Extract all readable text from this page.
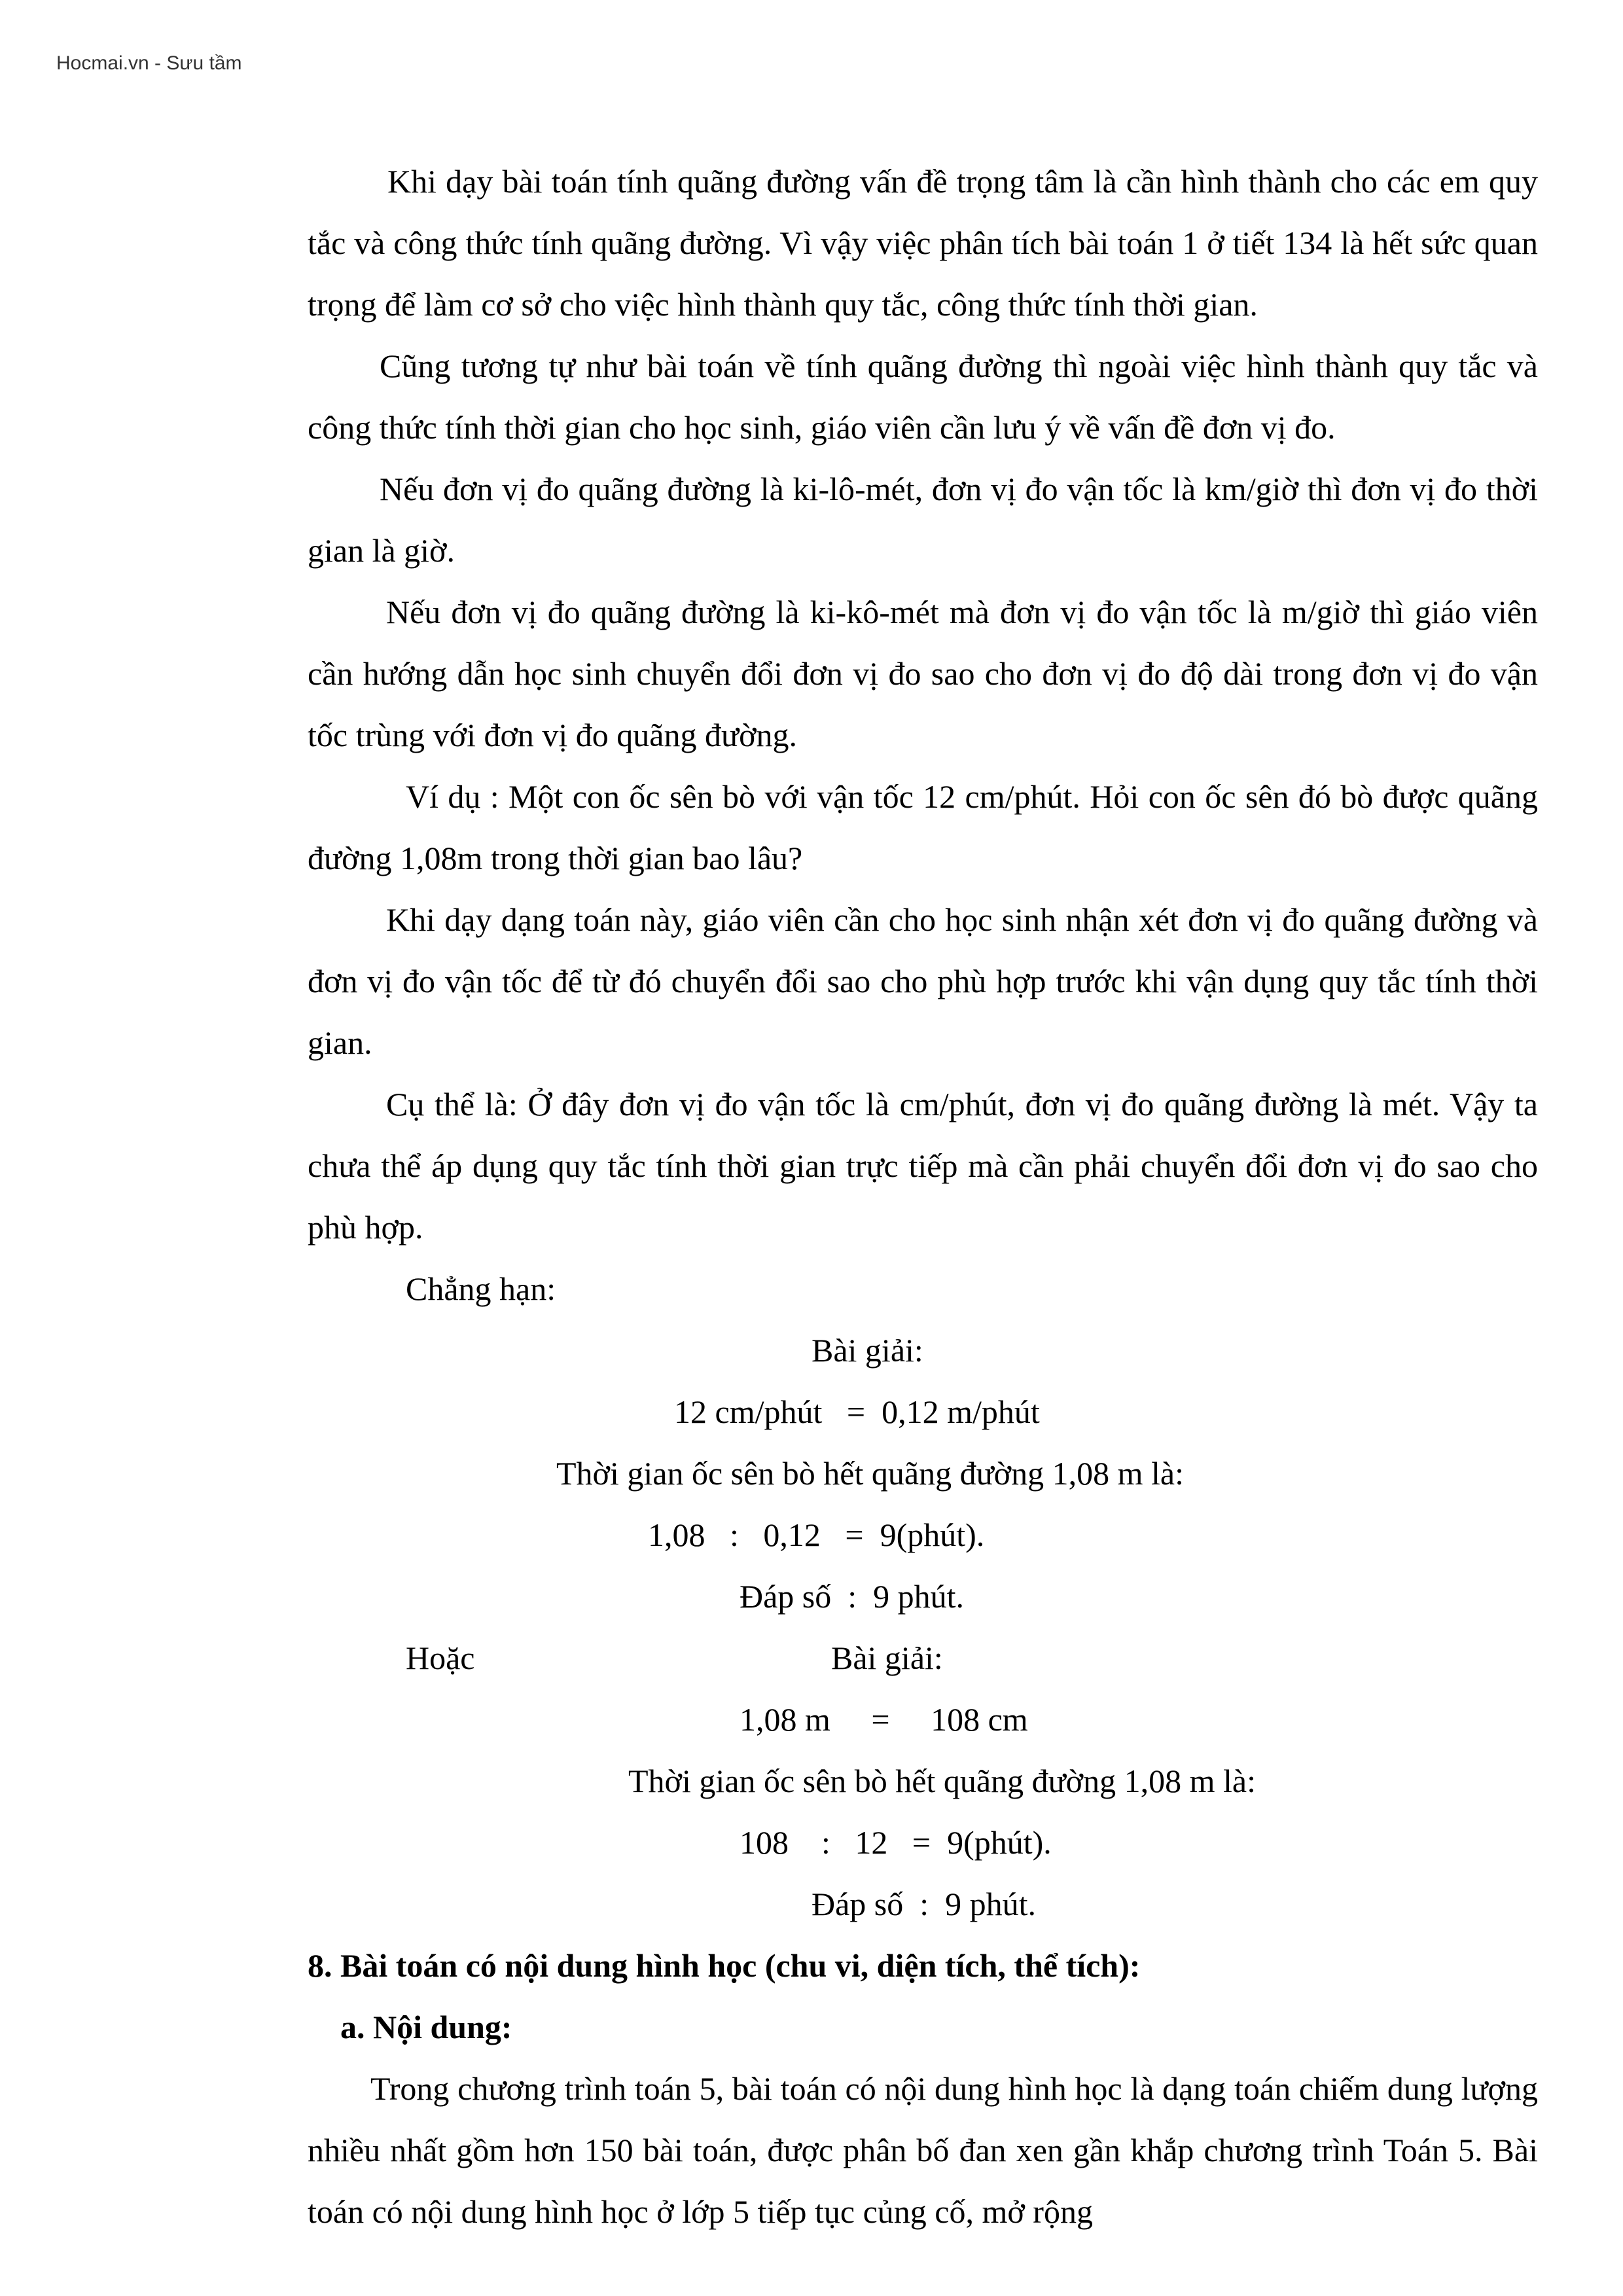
Hocmai.vn - Sưu tầm

Khi dạy bài toán tính quãng đường vấn đề trọng tâm là cần hình thành cho các em quy tắc và công thức tính quãng đường. Vì vậy việc phân tích bài toán 1 ở tiết 134 là hết sức quan trọng để làm cơ sở cho việc hình thành quy tắc, công thức tính thời gian.

Cũng tương tự như bài toán về tính quãng đường thì ngoài việc hình thành quy tắc và công thức tính thời gian cho học sinh, giáo viên cần lưu ý về vấn đề đơn vị đo.

Nếu đơn vị đo quãng đường là ki-lô-mét, đơn vị đo vận tốc là km/giờ thì đơn vị đo thời gian là giờ.

Nếu đơn vị đo quãng đường là ki-kô-mét mà đơn vị đo vận tốc là m/giờ thì giáo viên cần hướng dẫn học sinh chuyển đổi đơn vị đo sao cho đơn vị đo độ dài trong đơn vị đo vận tốc trùng với đơn vị đo quãng đường.

Ví dụ : Một con ốc sên bò với vận tốc 12 cm/phút. Hỏi con ốc sên đó bò được quãng đường 1,08m trong thời gian bao lâu?

Khi dạy dạng toán này, giáo viên cần cho học sinh nhận xét đơn vị đo quãng đường và đơn vị đo vận tốc để từ đó chuyển đổi sao cho phù hợp trước khi vận dụng quy tắc tính thời gian.

Cụ thể là: Ở đây đơn vị đo vận tốc là cm/phút, đơn vị đo quãng đường là mét. Vậy ta chưa thể áp dụng quy tắc tính thời gian trực tiếp mà cần phải chuyển đổi đơn vị đo sao cho phù hợp.

Chẳng hạn:

Bài giải:

12 cm/phút   =  0,12 m/phút

Thời gian ốc sên bò hết quãng đường 1,08 m là:

1,08   :   0,12   =  9(phút).

Đáp số  :  9 phút.

Hoặc	Bài giải:

1,08 m     =     108 cm

Thời gian ốc sên bò hết quãng đường 1,08 m là:

108    :   12   =  9(phút).

Đáp số  :  9 phút.

8. Bài toán có nội dung hình học (chu vi, diện tích, thể tích):

a. Nội dung:

Trong chương trình toán 5, bài toán có nội dung hình học là dạng toán chiếm dung lượng nhiều nhất gồm hơn 150 bài toán, được phân bố đan xen gần khắp chương trình Toán 5. Bài toán có nội dung hình học ở lớp 5 tiếp tục củng cố, mở rộng
